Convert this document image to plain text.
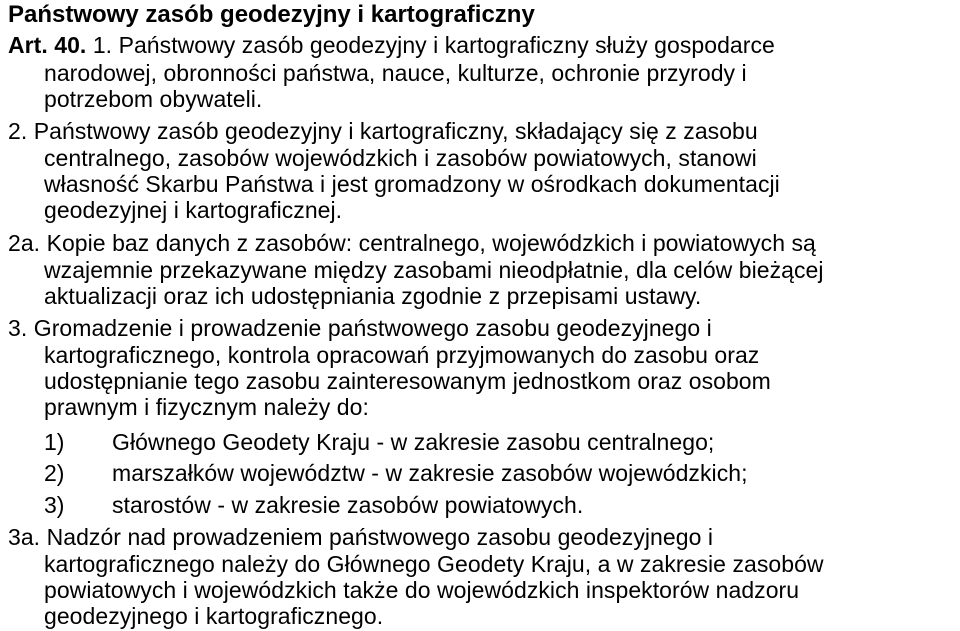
Państwowy zasób geodezyjny i kartograficzny
Art. 40. 1. Państwowy zasób geodezyjny i kartograficzny służy gospodarce
narodowej, obronności państwa, nauce, kulturze, ochronie przyrody i
potrzebom obywateli.
2. Państwowy zasób geodezyjny i kartograficzny, składający się z zasobu
centralnego, zasobów wojewódzkich i zasobów powiatowych, stanowi
własność Skarbu Państwa i jest gromadzony w ośrodkach dokumentacji
geodezyjnej i kartograficznej.
2a. Kopie baz danych z zasobów: centralnego, wojewódzkich i powiatowych są
wzajemnie przekazywane między zasobami nieodpłatnie, dla celów bieżącej
aktualizacji oraz ich udostępniania zgodnie z przepisami ustawy.
3. Gromadzenie i prowadzenie państwowego zasobu geodezyjnego i
kartograficznego, kontrola opracowań przyjmowanych do zasobu oraz
udostępnianie tego zasobu zainteresowanym jednostkom oraz osobom
prawnym i fizycznym należy do:
1) Głównego Geodety Kraju - w zakresie zasobu centralnego;
2) marszałków województw - w zakresie zasobów wojewódzkich;
3) starostów - w zakresie zasobów powiatowych.
3a. Nadzór nad prowadzeniem państwowego zasobu geodezyjnego i
kartograficznego należy do Głównego Geodety Kraju, a w zakresie zasobów
powiatowych i wojewódzkich także do wojewódzkich inspektorów nadzoru
geodezyjnego i kartograficznego.
